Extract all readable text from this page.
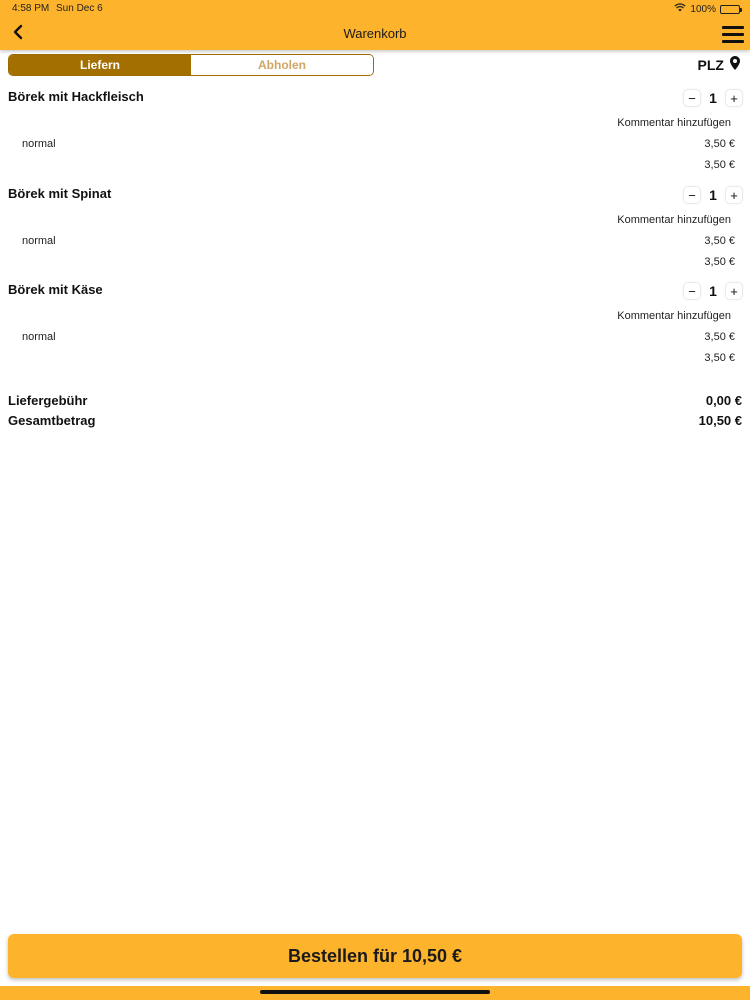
4:58 PM Sun Dec 6	100%
Warenkorb
Liefern	Abholen	PLZ
Börek mit Hackfleisch	− 1	+
Kommentar hinzufügen
normal	3,50 €
3,50 €
Börek mit Spinat	− 1	+
Kommentar hinzufügen
normal	3,50 €
3,50 €
Börek mit Käse	− 1	+
Kommentar hinzufügen
normal	3,50 €
3,50 €
Liefergebühr	0,00 €
Gesamtbetrag	10,50 €
Bestellen für 10,50 €
